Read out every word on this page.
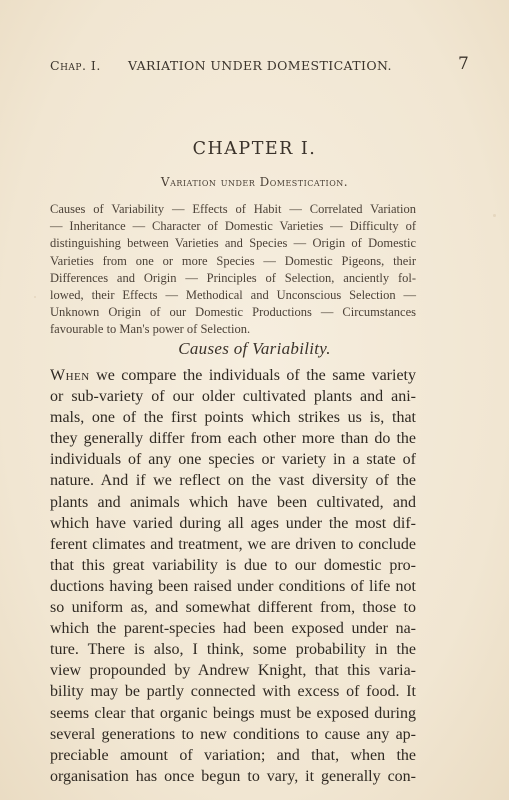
Chap. I. VARIATION UNDER DOMESTICATION.	7
CHAPTER I.
Variation under Domestication.
Causes of Variability — Effects of Habit — Correlated Variation
— Inheritance — Character of Domestic Varieties — Difficulty of
distinguishing between Varieties and Species — Origin of Domestic
Varieties from one or more Species — Domestic Pigeons, their
Differences and Origin — Principles of Selection, anciently fol-
lowed, their Effects — Methodical and Unconscious Selection —
Unknown Origin of our Domestic Productions — Circumstances
favourable to Man's power of Selection.
Causes of Variability.
When we compare the individuals of the same variety
or sub-variety of our older cultivated plants and ani-
mals, one of the first points which strikes us is, that
they generally differ from each other more than do the
individuals of any one species or variety in a state of
nature. And if we reflect on the vast diversity of the
plants and animals which have been cultivated, and
which have varied during all ages under the most dif-
ferent climates and treatment, we are driven to conclude
that this great variability is due to our domestic pro-
ductions having been raised under conditions of life not
so uniform as, and somewhat different from, those to
which the parent-species had been exposed under na-
ture. There is also, I think, some probability in the
view propounded by Andrew Knight, that this varia-
bility may be partly connected with excess of food. It
seems clear that organic beings must be exposed during
several generations to new conditions to cause any ap-
preciable amount of variation; and that, when the
organisation has once begun to vary, it generally con-
